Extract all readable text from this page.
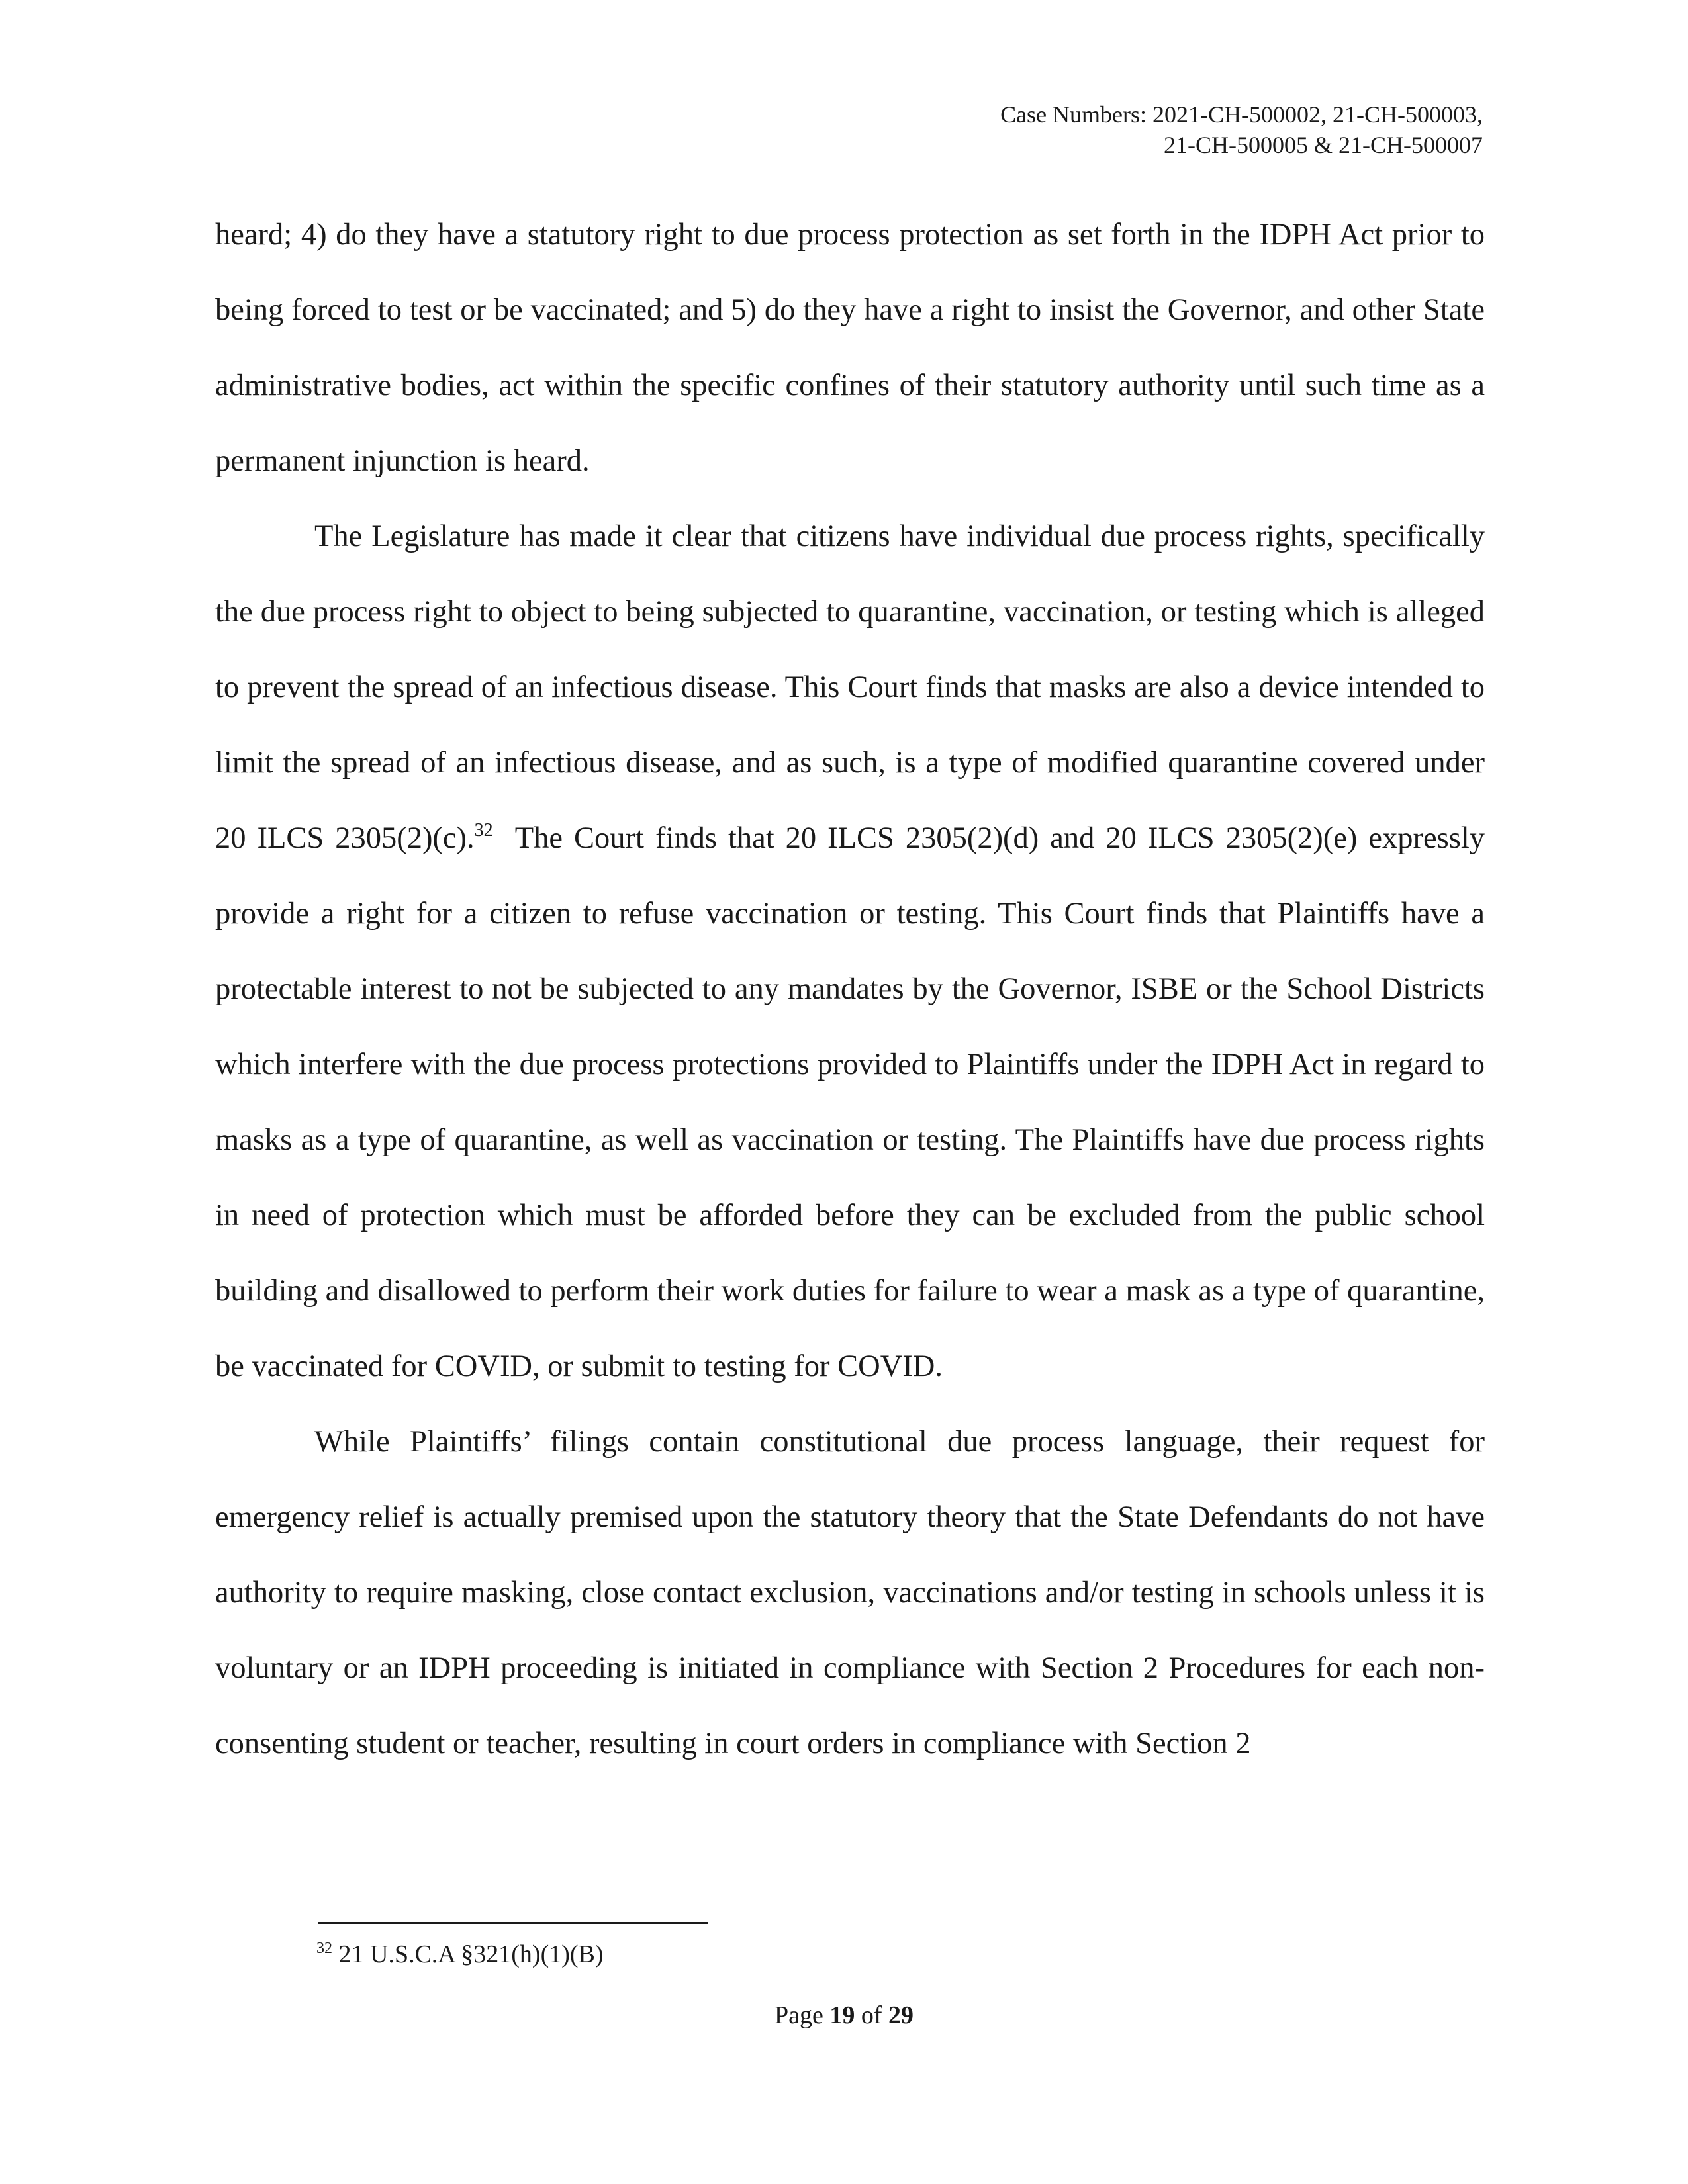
Case Numbers: 2021-CH-500002, 21-CH-500003,
21-CH-500005 & 21-CH-500007

heard; 4) do they have a statutory right to due process protection as set forth in the IDPH Act prior to being forced to test or be vaccinated; and 5) do they have a right to insist the Governor, and other State administrative bodies, act within the specific confines of their statutory authority until such time as a permanent injunction is heard.

The Legislature has made it clear that citizens have individual due process rights, specifically the due process right to object to being subjected to quarantine, vaccination, or testing which is alleged to prevent the spread of an infectious disease. This Court finds that masks are also a device intended to limit the spread of an infectious disease, and as such, is a type of modified quarantine covered under 20 ILCS 2305(2)(c).$^{32}$  The Court finds that 20 ILCS 2305(2)(d) and 20 ILCS 2305(2)(e) expressly provide a right for a citizen to refuse vaccination or testing. This Court finds that Plaintiffs have a protectable interest to not be subjected to any mandates by the Governor, ISBE or the School Districts which interfere with the due process protections provided to Plaintiffs under the IDPH Act in regard to masks as a type of quarantine, as well as vaccination or testing. The Plaintiffs have due process rights in need of protection which must be afforded before they can be excluded from the public school building and disallowed to perform their work duties for failure to wear a mask as a type of quarantine, be vaccinated for COVID, or submit to testing for COVID.

While Plaintiffs’ filings contain constitutional due process language, their request for emergency relief is actually premised upon the statutory theory that the State Defendants do not have authority to require masking, close contact exclusion, vaccinations and/or testing in schools unless it is voluntary or an IDPH proceeding is initiated in compliance with Section 2 Procedures for each non-consenting student or teacher, resulting in court orders in compliance with Section 2

$^{32}$ 21 U.S.C.A §321(h)(1)(B)
Page 19 of 29
